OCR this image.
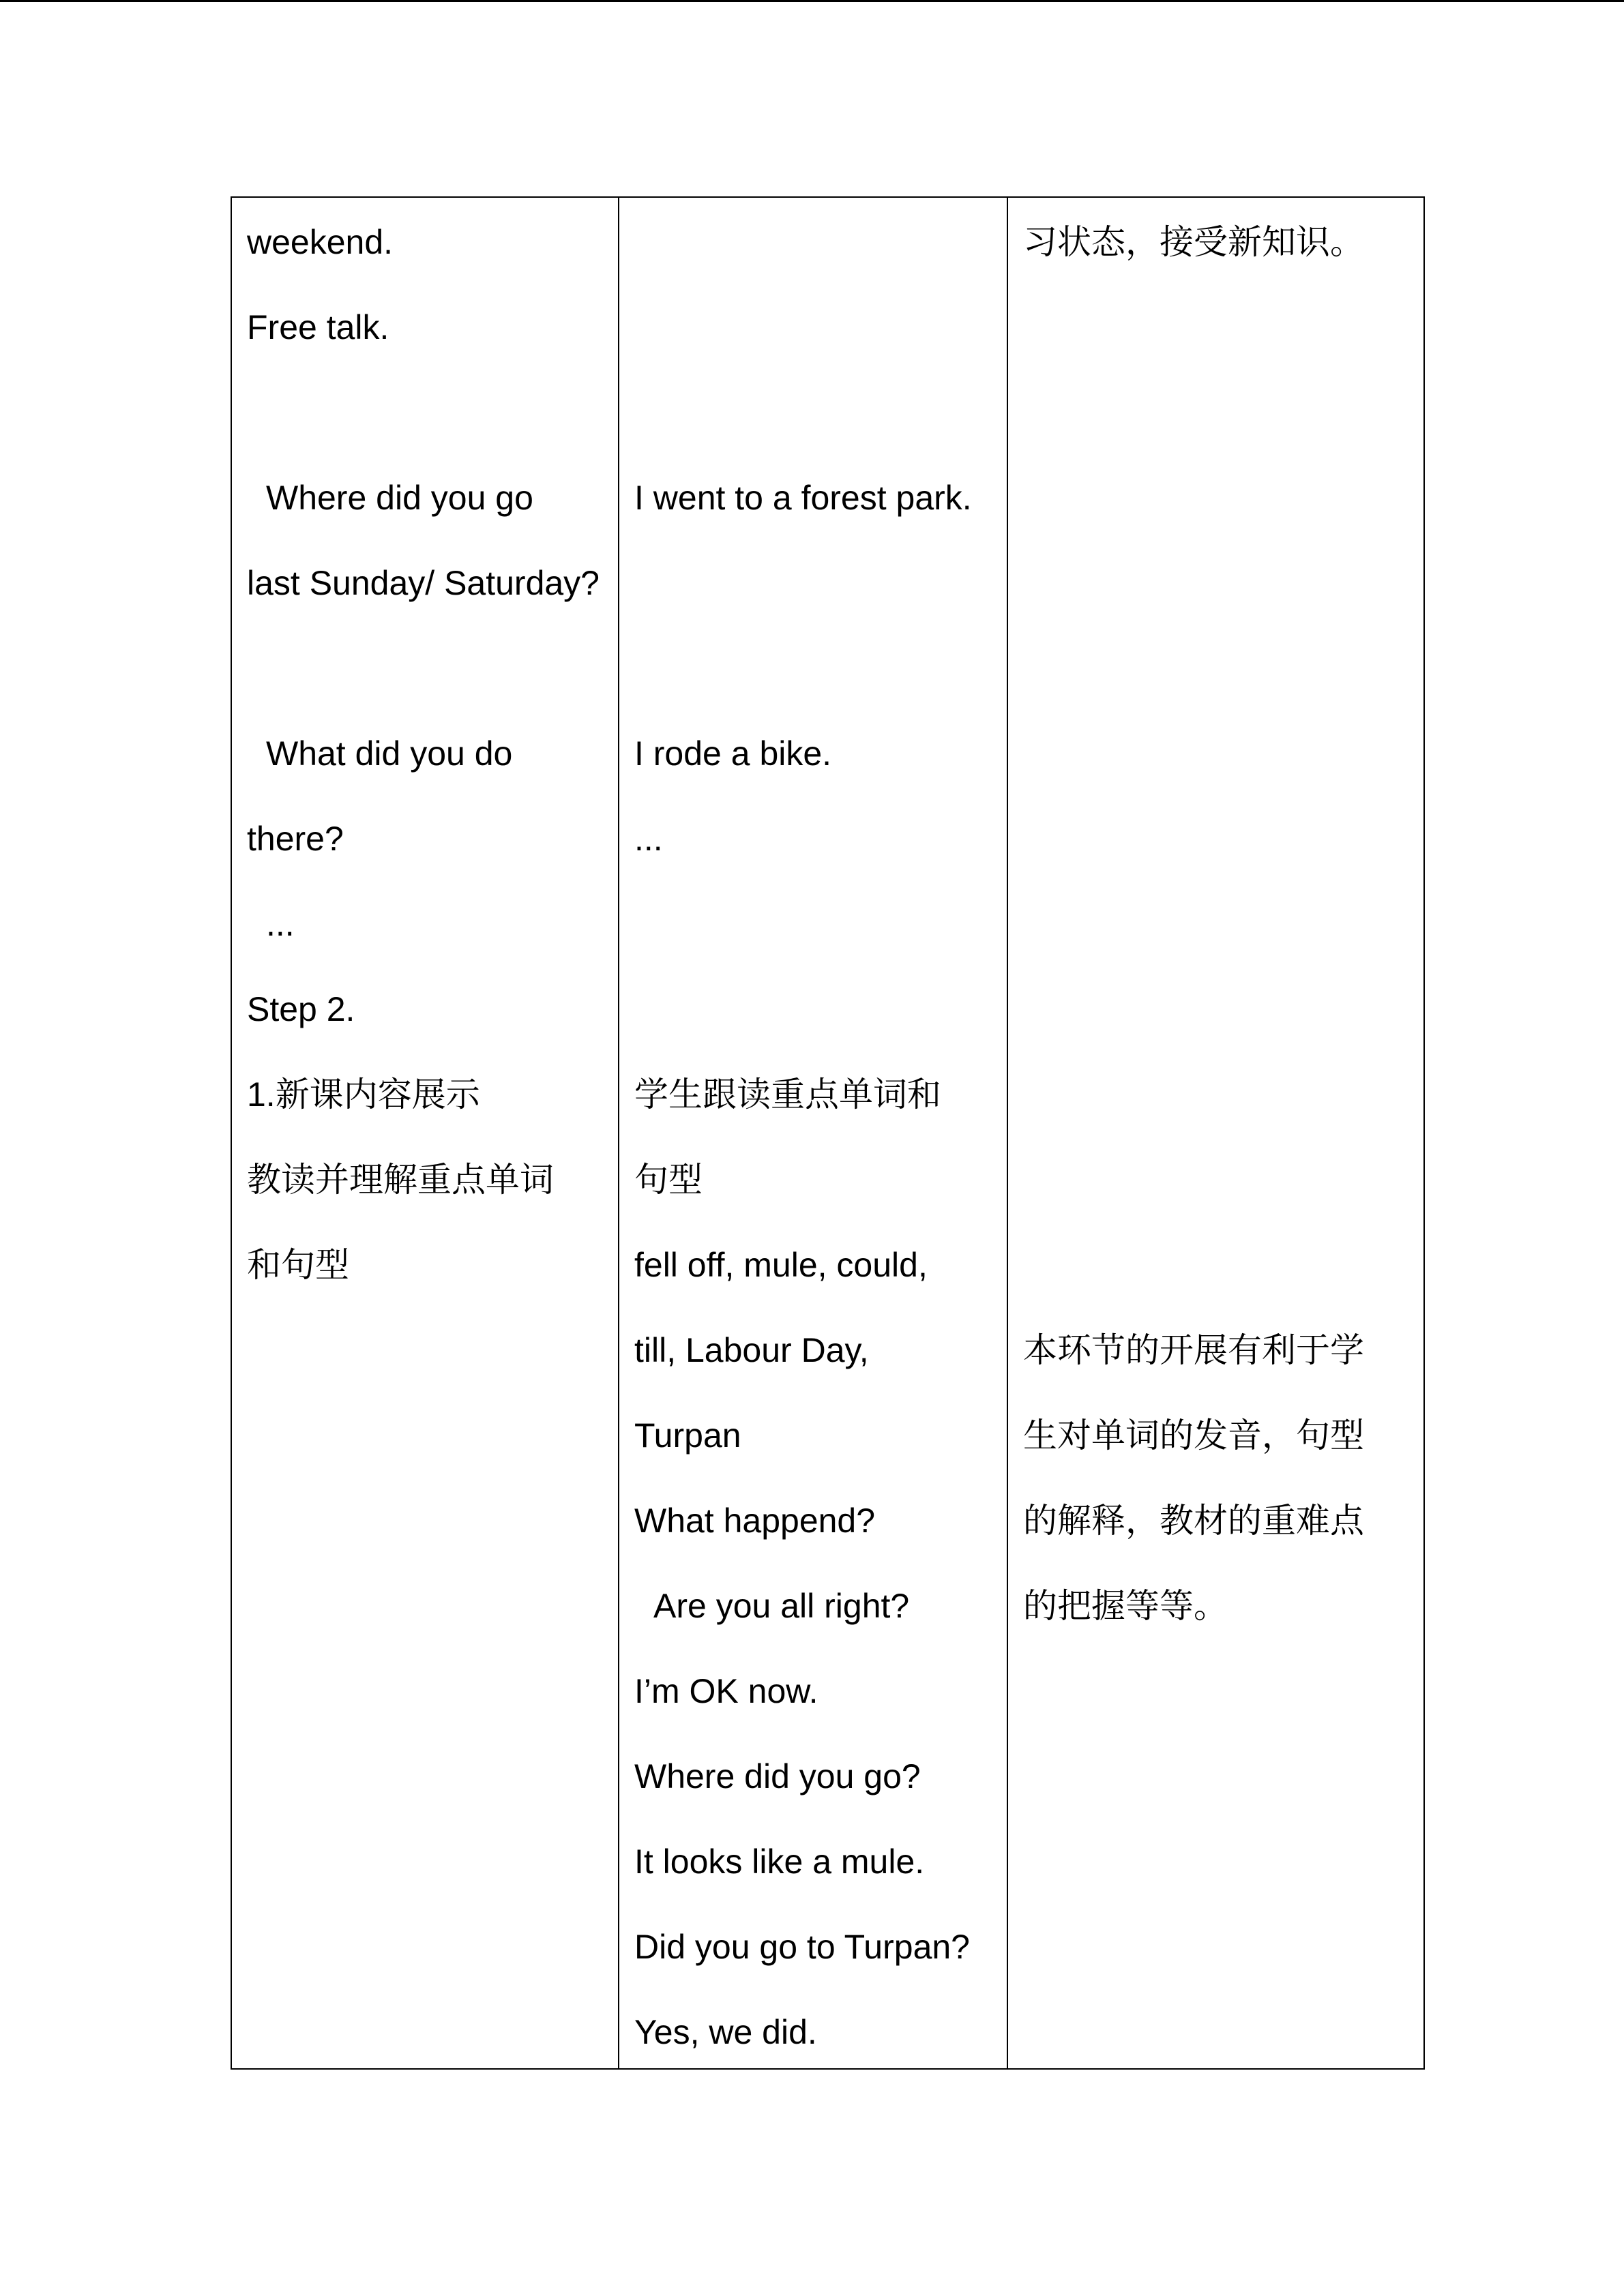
weekend.
Free talk.
Where did you go
last Sunday/ Saturday?
What did you do
there?
...
Step 2.
1.新课内容展示
教读并理解重点单词
和句型
I went to a forest park.
I rode a bike.
...
学生跟读重点单词和
句型
fell off, mule, could,
till, Labour Day,
Turpan
What happend?
Are you all right?
I’m OK now.
Where did you go?
It looks like a mule.
Did you go to Turpan?
Yes, we did.
习状态，接受新知识。
本环节的开展有利于学
生对单词的发音，句型
的解释，教材的重难点
的把握等等。
